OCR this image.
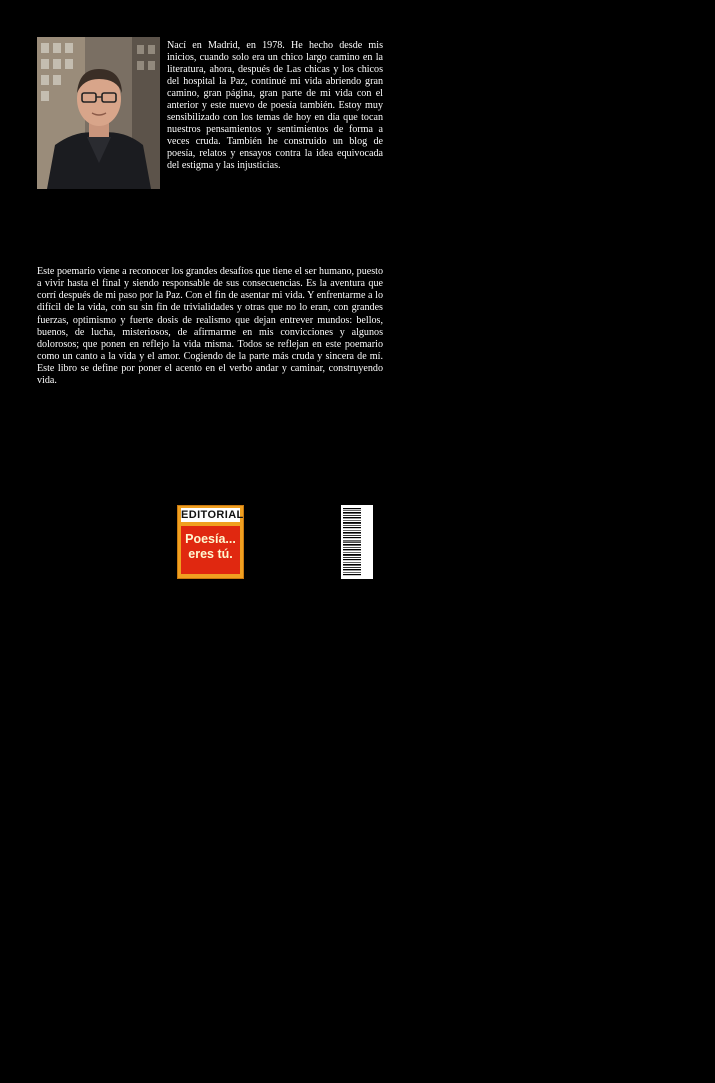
Nací en Madrid, en 1978. He hecho desde mis inicios, cuando solo era un chico largo camino en la literatura, ahora, después de Las chicas y los chicos del hospital la Paz, continué mi vida abriendo gran camino, gran página, gran parte de mi vida con el anterior y este nuevo de poesía también. Estoy muy sensibilizado con los temas de hoy en día que tocan nuestros pensamientos y sentimientos de forma a veces cruda. También he construido un blog de poesía, relatos y ensayos contra la idea equivocada del estigma y las injusticias.

Este poemario viene a reconocer los grandes desafíos que tiene el ser humano, puesto a vivir hasta el final y siendo responsable de sus consecuencias. Es la aventura que corrí después de mi paso por la Paz. Con el fin de asentar mi vida. Y enfrentarme a lo difícil de la vida, con su sin fin de trivialidades y otras que no lo eran, con grandes fuerzas, optimismo y fuerte dosis de realismo que dejan entrever mundos: bellos, buenos, de lucha, misteriosos, de afirmarme en mis convicciones y algunos dolorosos; que ponen en reflejo la vida misma. Todos se reflejan en este poemario como un canto a la vida y el amor. Cogiendo de la parte más cruda y sincera de mí. Este libro se define por poner el acento en el verbo andar y caminar, construyendo vida.

EDITORIAL
Poesía...
eres tú.
9 788416 000501
